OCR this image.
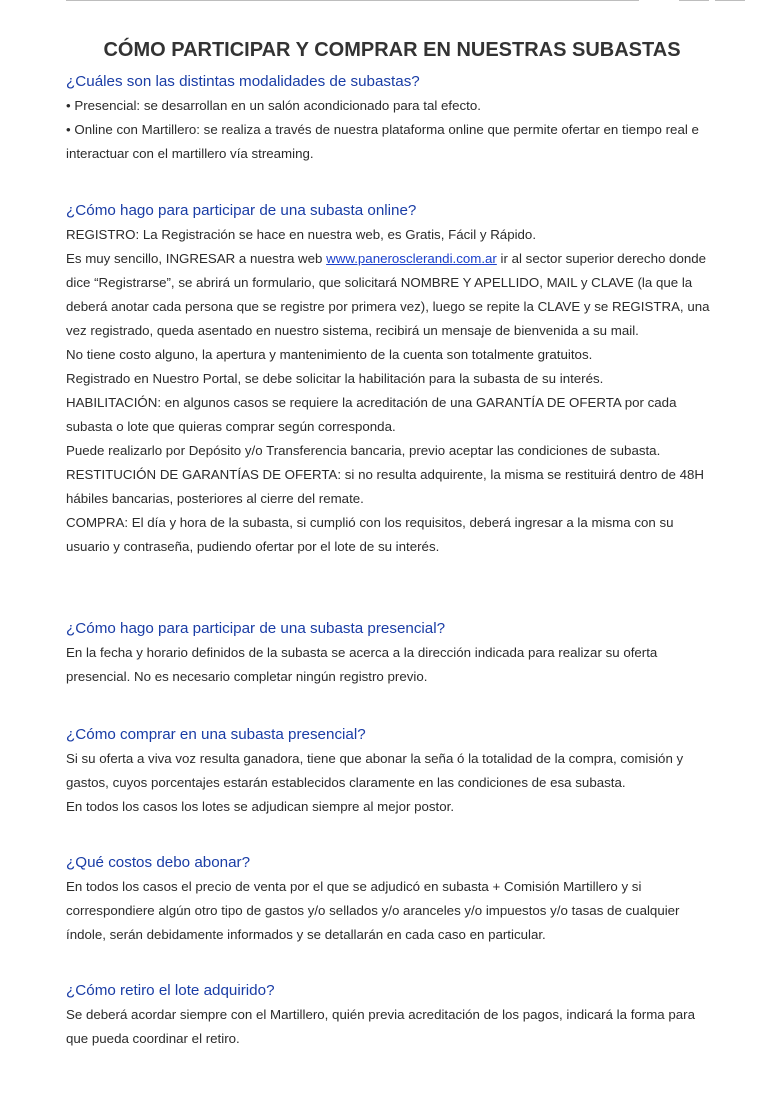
CÓMO PARTICIPAR Y COMPRAR EN NUESTRAS SUBASTAS
¿Cuáles son las distintas modalidades de subastas?

• Presencial: se desarrollan en un salón acondicionado para tal efecto.

• Online con Martillero: se realiza a través de nuestra plataforma online que permite ofertar en tiempo real e interactuar con el martillero vía streaming.

¿Cómo hago para participar de una subasta online?

REGISTRO: La Registración se hace en nuestra web, es Gratis, Fácil y Rápido.

Es muy sencillo, INGRESAR a nuestra web www.panerosclerandi.com.ar ir al sector superior derecho donde dice “Registrarse”, se abrirá un formulario, que solicitará NOMBRE Y APELLIDO, MAIL y CLAVE (la que la deberá anotar cada persona que se registre por primera vez), luego se repite la CLAVE y se REGISTRA, una vez registrado, queda asentado en nuestro sistema, recibirá un mensaje de bienvenida a su mail.

No tiene costo alguno, la apertura y mantenimiento de la cuenta son totalmente gratuitos.

Registrado en Nuestro Portal, se debe solicitar la habilitación para la subasta de su interés.

HABILITACIÓN: en algunos casos se requiere la acreditación de una GARANTÍA DE OFERTA por cada subasta o lote que quieras comprar según corresponda.

Puede realizarlo por Depósito y/o Transferencia bancaria, previo aceptar las condiciones de subasta.

RESTITUCIÓN DE GARANTÍAS DE OFERTA: si no resulta adquirente, la misma se restituirá dentro de 48H hábiles bancarias, posteriores al cierre del remate.

COMPRA: El día y hora de la subasta, si cumplió con los requisitos, deberá ingresar a la misma con su usuario y contraseña, pudiendo ofertar por el lote de su interés.

¿Cómo hago para participar de una subasta presencial?

En la fecha y horario definidos de la subasta se acerca a la dirección indicada para realizar su oferta presencial. No es necesario completar ningún registro previo.

¿Cómo comprar en una subasta presencial?

Si su oferta a viva voz resulta ganadora, tiene que abonar la seña ó la totalidad de la compra, comisión y gastos, cuyos porcentajes estarán establecidos claramente en las condiciones de esa subasta.

En todos los casos los lotes se adjudican siempre al mejor postor.

¿Qué costos debo abonar?

En todos los casos el precio de venta por el que se adjudicó en subasta + Comisión Martillero y si correspondiere algún otro tipo de gastos y/o sellados y/o aranceles y/o impuestos y/o tasas de cualquier índole, serán debidamente informados y se detallarán en cada caso en particular.

¿Cómo retiro el lote adquirido?

Se deberá acordar siempre con el Martillero, quién previa acreditación de los pagos, indicará la forma para que pueda coordinar el retiro.
